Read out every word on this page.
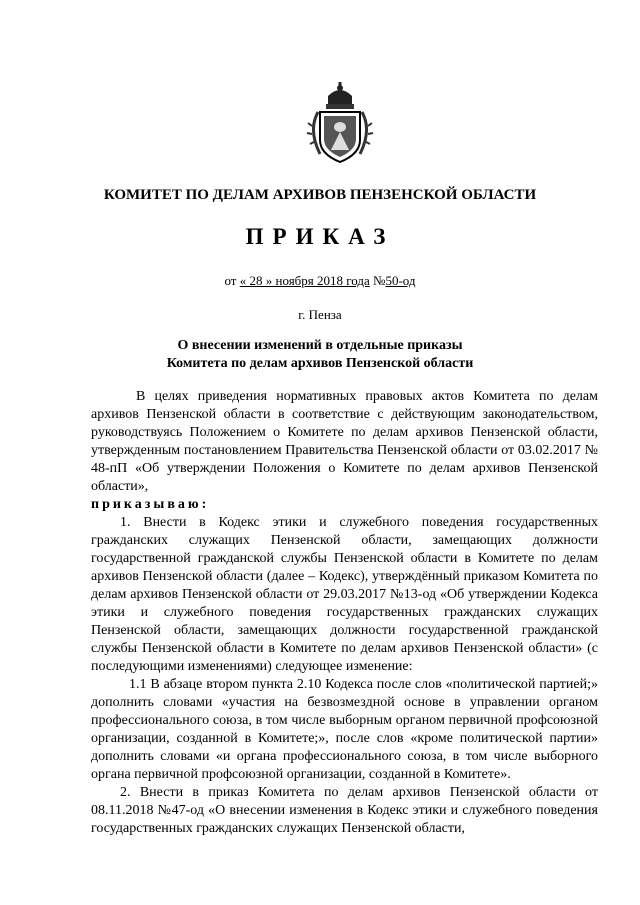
КОМИТЕТ ПО ДЕЛАМ АРХИВОВ ПЕНЗЕНСКОЙ ОБЛАСТИ
ПРИКАЗ
от « 28 » ноября 2018 года №50-од
г. Пенза
О внесении изменений в отдельные приказы
Комитета по делам архивов Пензенской области

В целях приведения нормативных правовых актов Комитета по делам архивов Пензенской области в соответствие с действующим законодательством, руководствуясь Положением о Комитете по делам архивов Пензенской области, утвержденным постановлением Правительства Пензенской области от 03.02.2017 № 48-пП «Об утверждении Положения о Комитете по делам архивов Пензенской области»,

приказываю:

1. Внести в Кодекс этики и служебного поведения государственных гражданских служащих Пензенской области, замещающих должности государственной гражданской службы Пензенской области в Комитете по делам архивов Пензенской области (далее – Кодекс), утверждённый приказом Комитета по делам архивов Пензенской области от 29.03.2017 №13-од «Об утверждении Кодекса этики и служебного поведения государственных гражданских служащих Пензенской области, замещающих должности государственной гражданской службы Пензенской области в Комитете по делам архивов Пензенской области» (с последующими изменениями) следующее изменение:

1.1 В абзаце втором пункта 2.10 Кодекса после слов «политической партией;» дополнить словами «участия на безвозмездной основе в управлении органом профессионального союза, в том числе выборным органом первичной профсоюзной организации, созданной в Комитете;», после слов «кроме политической партии» дополнить словами «и органа профессионального союза, в том числе выборного органа первичной профсоюзной организации, созданной в Комитете».

2. Внести в приказ Комитета по делам архивов Пензенской области от 08.11.2018 №47-од «О внесении изменения в Кодекс этики и служебного поведения государственных гражданских служащих Пензенской области,
